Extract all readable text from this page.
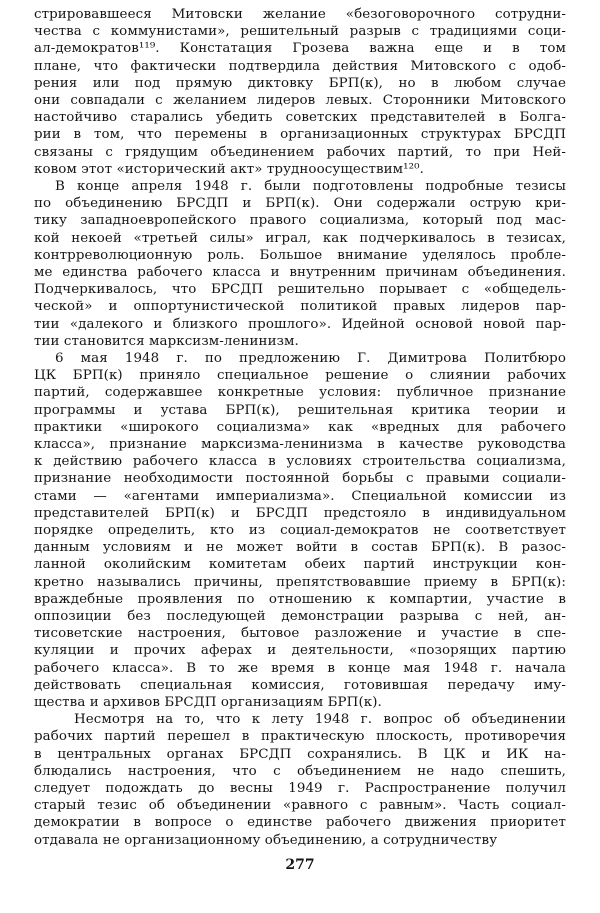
стрировавшееся Митовски желание «безоговорочного сотрудни-
чества с коммунистами», решительный разрыв с традициями соци-
ал-демократов¹¹⁹. Констатация Грозева важна еще и в том
плане, что фактически подтвердила действия Митовского с одоб-
рения или под прямую диктовку БРП(к), но в любом случае
они совпадали с желанием лидеров левых. Сторонники Митовского
настойчиво старались убедить советских представителей в Болга-
рии в том, что перемены в организационных структурах БРСДП
связаны с грядущим объединением рабочих партий, то при Ней-
ковом этот «исторический акт» трудноосуществим¹²⁰.
В конце апреля 1948 г. были подготовлены подробные тезисы
по объединению БРСДП и БРП(к). Они содержали острую кри-
тику западноевропейского правого социализма, который под мас-
кой некоей «третьей силы» играл, как подчеркивалось в тезисах,
контрреволюционную роль. Большое внимание уделялось пробле-
ме единства рабочего класса и внутренним причинам объединения.
Подчеркивалось, что БРСДП решительно порывает с «общедель-
ческой» и оппортунистической политикой правых лидеров пар-
тии «далекого и близкого прошлого». Идейной основой новой пар-
тии становится марксизм-ленинизм.
6 мая 1948 г. по предложению Г. Димитрова Политбюро
ЦК БРП(к) приняло специальное решение о слиянии рабочих
партий, содержавшее конкретные условия: публичное признание
программы и устава БРП(к), решительная критика теории и
практики «широкого социализма» как «вредных для рабочего
класса», признание марксизма-ленинизма в качестве руководства
к действию рабочего класса в условиях строительства социализма,
признание необходимости постоянной борьбы с правыми социали-
стами — «агентами империализма». Специальной комиссии из
представителей БРП(к) и БРСДП предстояло в индивидуальном
порядке определить, кто из социал-демократов не соответствует
данным условиям и не может войти в состав БРП(к). В разос-
ланной околийским комитетам обеих партий инструкции кон-
кретно назывались причины, препятствовавшие приему в БРП(к):
враждебные проявления по отношению к компартии, участие в
оппозиции без последующей демонстрации разрыва с ней, ан-
тисоветские настроения, бытовое разложение и участие в спе-
куляции и прочих аферах и деятельности, «позорящих партию
рабочего класса». В то же время в конце мая 1948 г. начала
действовать специальная комиссия, готовившая передачу иму-
щества и архивов БРСДП организациям БРП(к).
Несмотря на то, что к лету 1948 г. вопрос об объединении
рабочих партий перешел в практическую плоскость, противоречия
в центральных органах БРСДП сохранялись. В ЦК и ИК на-
блюдались настроения, что с объединением не надо спешить,
следует подождать до весны 1949 г. Распространение получил
старый тезис об объединении «равного с равным». Часть социал-
демократии в вопросе о единстве рабочего движения приоритет
отдавала не организационному объединению, а сотрудничеству
277
